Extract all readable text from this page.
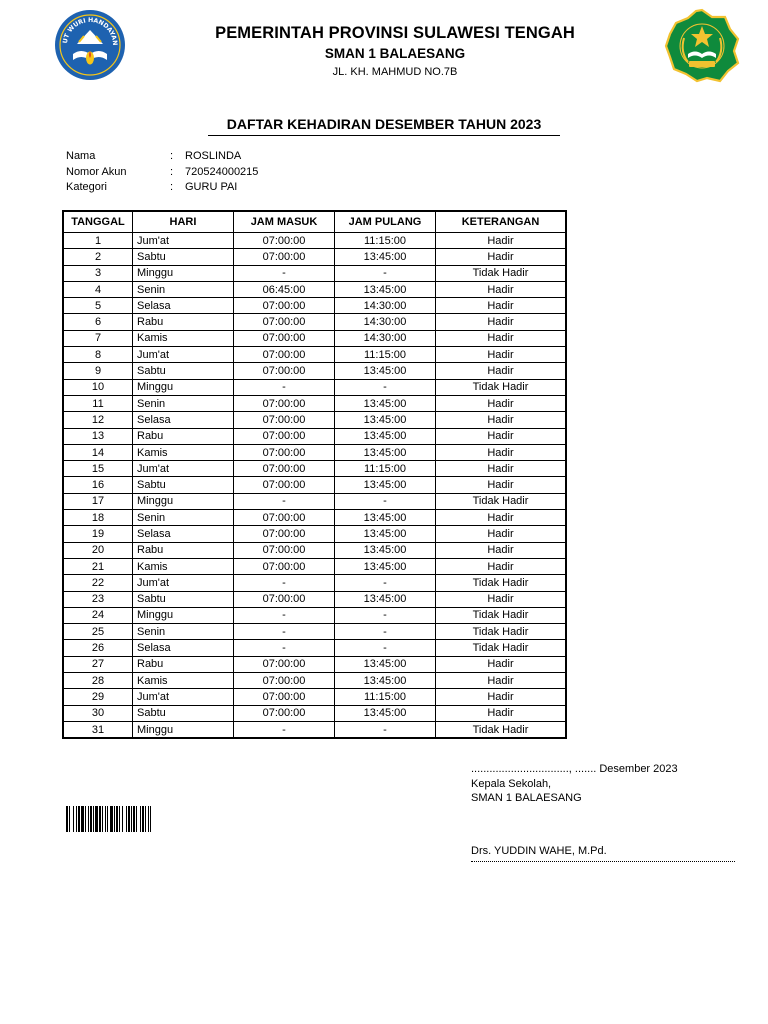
UT WURI HANDAYAN
PEMERINTAH PROVINSI SULAWESI TENGAH
SMAN 1 BALAESANG
JL. KH. MAHMUD NO.7B
DAFTAR KEHADIRAN DESEMBER TAHUN 2023
Nama	:	ROSLINDA
Nomor Akun	:	720524000215
Kategori	:	GURU PAI
TANGGAL	HARI	JAM MASUK	JAM PULANG	KETERANGAN
1	Jum'at	07:00:00	11:15:00	Hadir
2	Sabtu	07:00:00	13:45:00	Hadir
3	Minggu	-	-	Tidak Hadir
4	Senin	06:45:00	13:45:00	Hadir
5	Selasa	07:00:00	14:30:00	Hadir
6	Rabu	07:00:00	14:30:00	Hadir
7	Kamis	07:00:00	14:30:00	Hadir
8	Jum'at	07:00:00	11:15:00	Hadir
9	Sabtu	07:00:00	13:45:00	Hadir
10	Minggu	-	-	Tidak Hadir
11	Senin	07:00:00	13:45:00	Hadir
12	Selasa	07:00:00	13:45:00	Hadir
13	Rabu	07:00:00	13:45:00	Hadir
14	Kamis	07:00:00	13:45:00	Hadir
15	Jum'at	07:00:00	11:15:00	Hadir
16	Sabtu	07:00:00	13:45:00	Hadir
17	Minggu	-	-	Tidak Hadir
18	Senin	07:00:00	13:45:00	Hadir
19	Selasa	07:00:00	13:45:00	Hadir
20	Rabu	07:00:00	13:45:00	Hadir
21	Kamis	07:00:00	13:45:00	Hadir
22	Jum'at	-	-	Tidak Hadir
23	Sabtu	07:00:00	13:45:00	Hadir
24	Minggu	-	-	Tidak Hadir
25	Senin	-	-	Tidak Hadir
26	Selasa	-	-	Tidak Hadir
27	Rabu	07:00:00	13:45:00	Hadir
28	Kamis	07:00:00	13:45:00	Hadir
29	Jum'at	07:00:00	11:15:00	Hadir
30	Sabtu	07:00:00	13:45:00	Hadir
31	Minggu	-	-	Tidak Hadir
................................, ....... Desember 2023
Kepala Sekolah,
SMAN 1 BALAESANG
Drs. YUDDIN WAHE, M.Pd.
